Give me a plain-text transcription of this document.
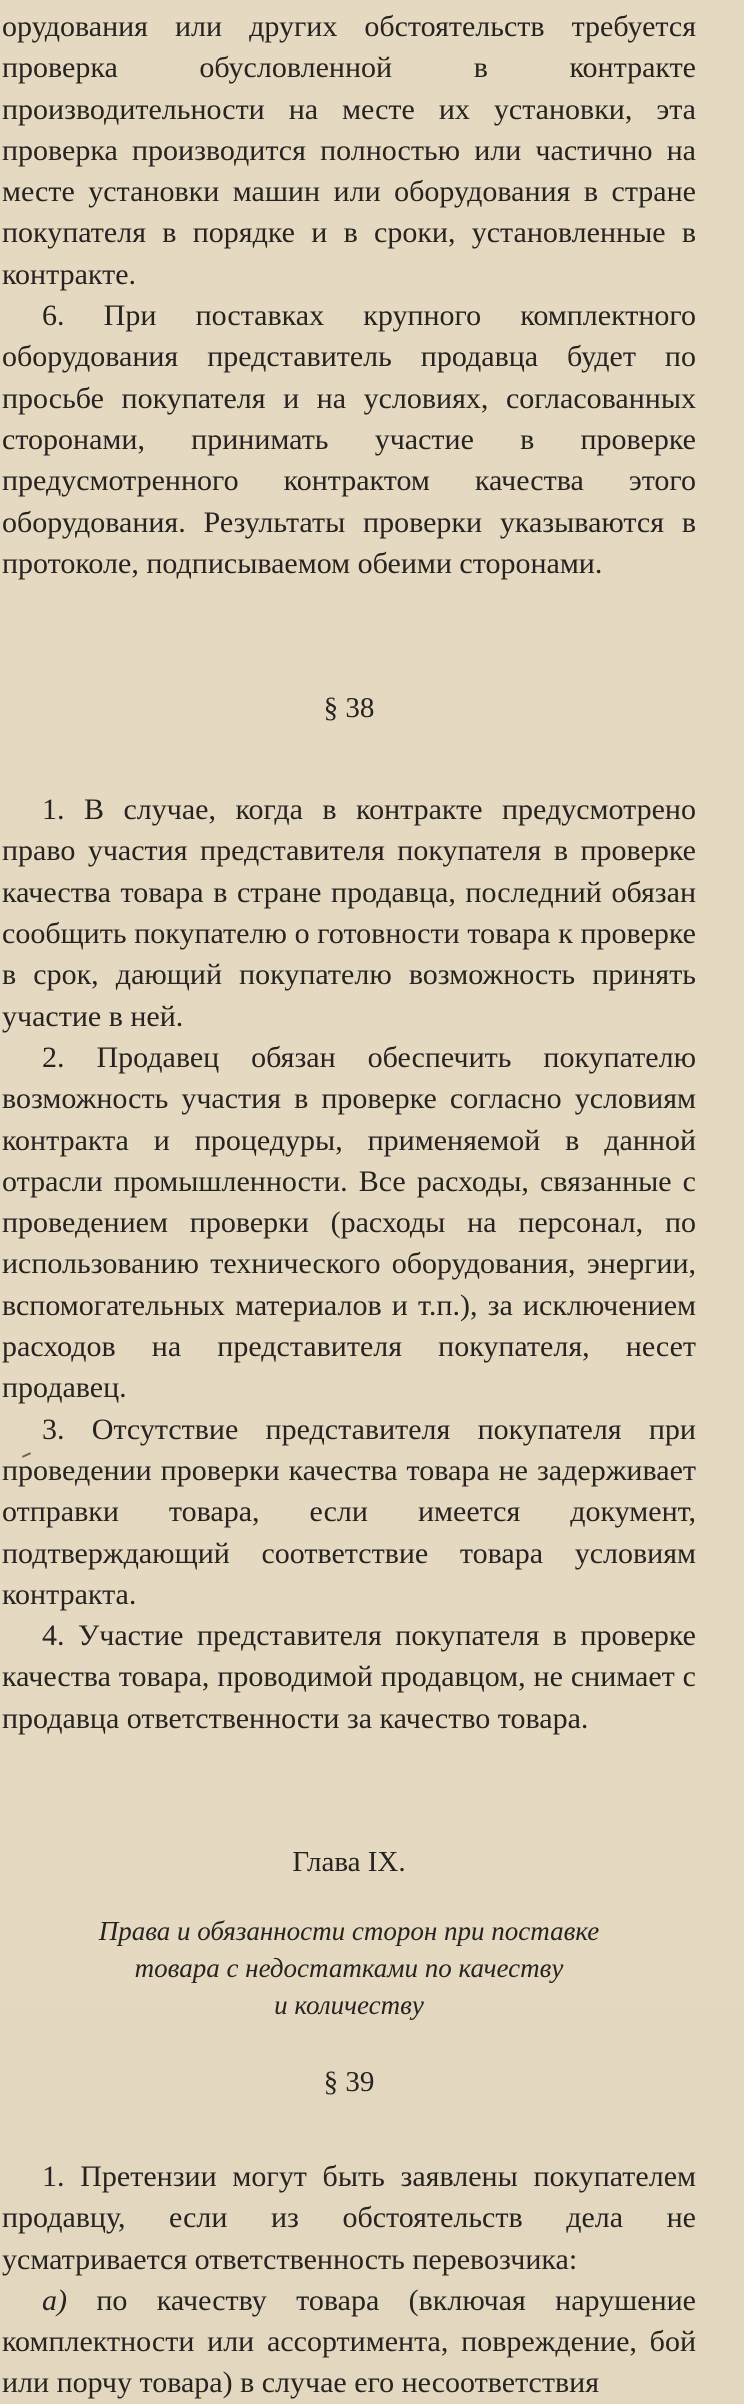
орудования или других обстоятельств требуется проверка обусловленной в контракте производительности на месте их установки, эта проверка производится полностью или частично на месте установки машин или оборудования в стране покупателя в порядке и в сроки, установленные в контракте.

6. При поставках крупного комплектного оборудования представитель продавца будет по просьбе покупателя и на условиях, согласованных сторонами, принимать участие в проверке предусмотренного контрактом качества этого оборудования. Результаты проверки указываются в протоколе, подписываемом обеими сторонами.

§ 38

1. В случае, когда в контракте предусмотрено право участия представителя покупателя в проверке качества товара в стране продавца, последний обязан сообщить покупателю о готовности товара к проверке в срок, дающий покупателю возможность принять участие в ней.

2. Продавец обязан обеспечить покупателю возможность участия в проверке согласно условиям контракта и процедуры, применяемой в данной отрасли промышленности. Все расходы, связанные с проведением проверки (расходы на персонал, по использованию технического оборудования, энергии, вспомогательных материалов и т.п.), за исключением расходов на представителя покупателя, несет продавец.

3. Отсутствие представителя покупателя при проведении проверки качества товара не задерживает отправки товара, если имеется документ, подтверждающий соответствие товара условиям контракта.

4. Участие представителя покупателя в проверке качества товара, проводимой продавцом, не снимает с продавца ответственности за качество товара.

Глава IX.

Права и обязанности сторон при поставке
товара с недостатками по качеству
и количеству

§ 39

1. Претензии могут быть заявлены покупателем продавцу, если из обстоятельств дела не усматривается ответственность перевозчика:

а) по качеству товара (включая нарушение комплектности или ассортимента, повреждение, бой или порчу товара) в случае его несоответствия
